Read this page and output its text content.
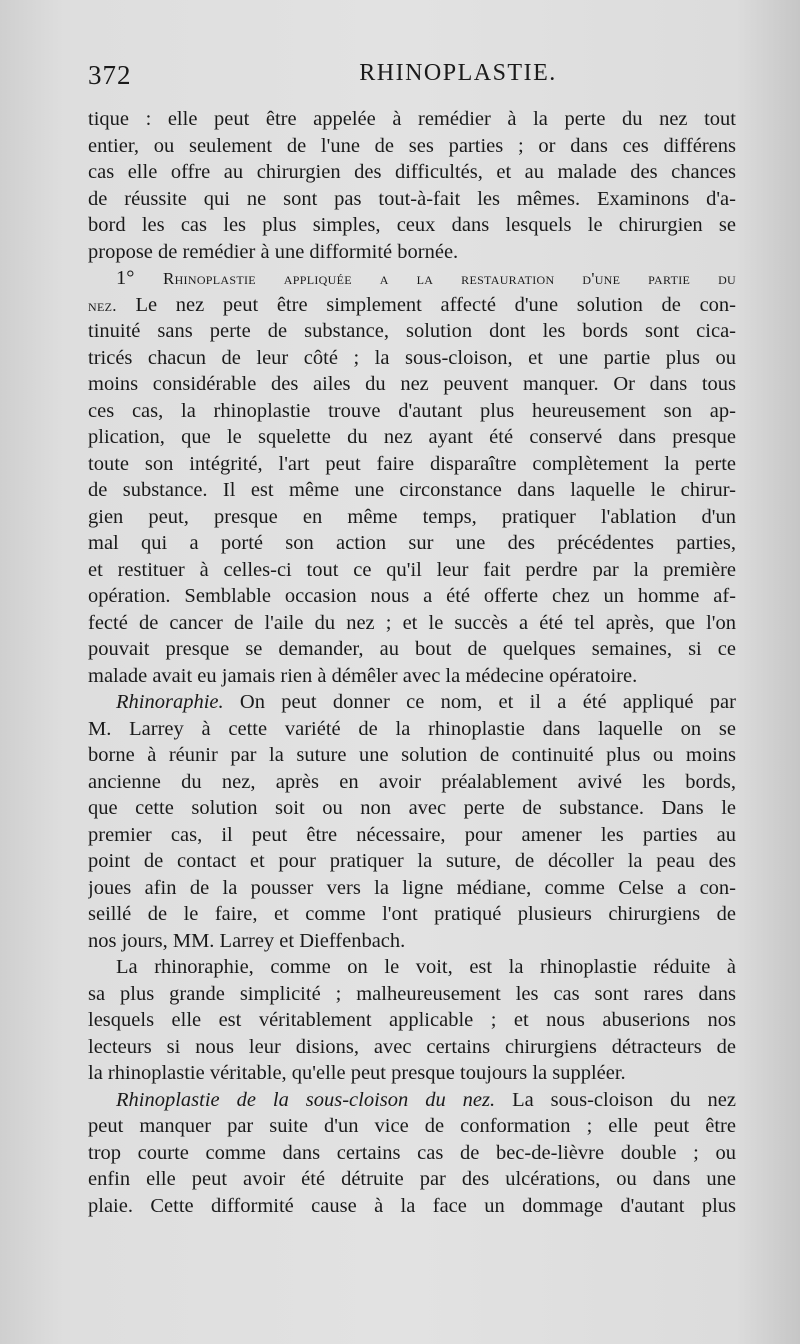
372	RHINOPLASTIE.
tique : elle peut être appelée à remédier à la perte du nez tout
entier, ou seulement de l'une de ses parties ; or dans ces différens
cas elle offre au chirurgien des difficultés, et au malade des chances
de réussite qui ne sont pas tout-à-fait les mêmes. Examinons d'a-
bord les cas les plus simples, ceux dans lesquels le chirurgien se
propose de remédier à une difformité bornée.
1° Rhinoplastie appliquée a la restauration d'une partie du
nez. Le nez peut être simplement affecté d'une solution de con-
tinuité sans perte de substance, solution dont les bords sont cica-
tricés chacun de leur côté ; la sous-cloison, et une partie plus ou
moins considérable des ailes du nez peuvent manquer. Or dans tous
ces cas, la rhinoplastie trouve d'autant plus heureusement son ap-
plication, que le squelette du nez ayant été conservé dans presque
toute son intégrité, l'art peut faire disparaître complètement la perte
de substance. Il est même une circonstance dans laquelle le chirur-
gien peut, presque en même temps, pratiquer l'ablation d'un
mal qui a porté son action sur une des précédentes parties,
et restituer à celles-ci tout ce qu'il leur fait perdre par la première
opération. Semblable occasion nous a été offerte chez un homme af-
fecté de cancer de l'aile du nez ; et le succès a été tel après, que l'on
pouvait presque se demander, au bout de quelques semaines, si ce
malade avait eu jamais rien à démêler avec la médecine opératoire.
Rhinoraphie. On peut donner ce nom, et il a été appliqué par
M. Larrey à cette variété de la rhinoplastie dans laquelle on se
borne à réunir par la suture une solution de continuité plus ou moins
ancienne du nez, après en avoir préalablement avivé les bords,
que cette solution soit ou non avec perte de substance. Dans le
premier cas, il peut être nécessaire, pour amener les parties au
point de contact et pour pratiquer la suture, de décoller la peau des
joues afin de la pousser vers la ligne médiane, comme Celse a con-
seillé de le faire, et comme l'ont pratiqué plusieurs chirurgiens de
nos jours, MM. Larrey et Dieffenbach.
La rhinoraphie, comme on le voit, est la rhinoplastie réduite à
sa plus grande simplicité ; malheureusement les cas sont rares dans
lesquels elle est véritablement applicable ; et nous abuserions nos
lecteurs si nous leur disions, avec certains chirurgiens détracteurs de
la rhinoplastie véritable, qu'elle peut presque toujours la suppléer.
Rhinoplastie de la sous-cloison du nez. La sous-cloison du nez
peut manquer par suite d'un vice de conformation ; elle peut être
trop courte comme dans certains cas de bec-de-lièvre double ; ou
enfin elle peut avoir été détruite par des ulcérations, ou dans une
plaie. Cette difformité cause à la face un dommage d'autant plus
